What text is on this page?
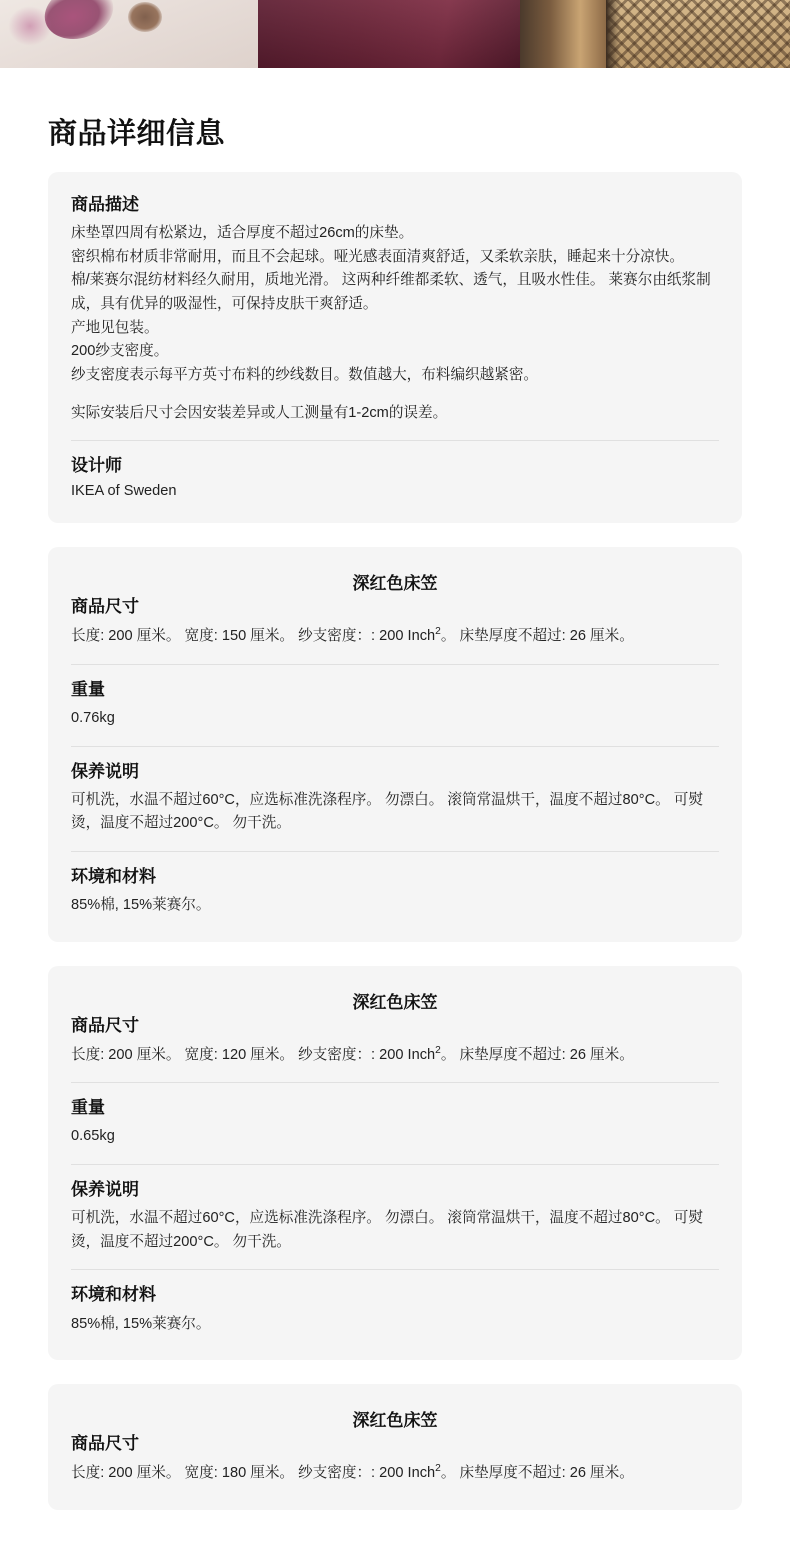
商品详细信息
商品描述

床垫罩四周有松紧边，适合厚度不超过26cm的床垫。

密织棉布材质非常耐用，而且不会起球。哑光感表面清爽舒适，又柔软亲肤，睡起来十分凉快。

棉/莱赛尔混纺材料经久耐用，质地光滑。 这两种纤维都柔软、透气，且吸水性佳。 莱赛尔由纸浆制成，具有优异的吸湿性，可保持皮肤干爽舒适。

产地见包装。

200纱支密度。

纱支密度表示每平方英寸布料的纱线数目。数值越大，布料编织越紧密。

实际安装后尺寸会因安装差异或人工测量有1-2cm的误差。

设计师
IKEA of Sweden
深红色床笠
商品尺寸

长度: 200 厘米。 宽度: 150 厘米。 纱支密度：: 200 Inch$^2$。 床垫厚度不超过: 26 厘米。

重量

0.76kg

保养说明

可机洗，水温不超过60°C，应选标准洗涤程序。 勿漂白。 滚筒常温烘干，温度不超过80°C。 可熨烫，温度不超过200°C。 勿干洗。

环境和材料

85%棉, 15%莱赛尔。

深红色床笠
商品尺寸

长度: 200 厘米。 宽度: 120 厘米。 纱支密度：: 200 Inch$^2$。 床垫厚度不超过: 26 厘米。

重量

0.65kg

保养说明

可机洗，水温不超过60°C，应选标准洗涤程序。 勿漂白。 滚筒常温烘干，温度不超过80°C。 可熨烫，温度不超过200°C。 勿干洗。

环境和材料

85%棉, 15%莱赛尔。

深红色床笠
商品尺寸

长度: 200 厘米。 宽度: 180 厘米。 纱支密度：: 200 Inch$^2$。 床垫厚度不超过: 26 厘米。
